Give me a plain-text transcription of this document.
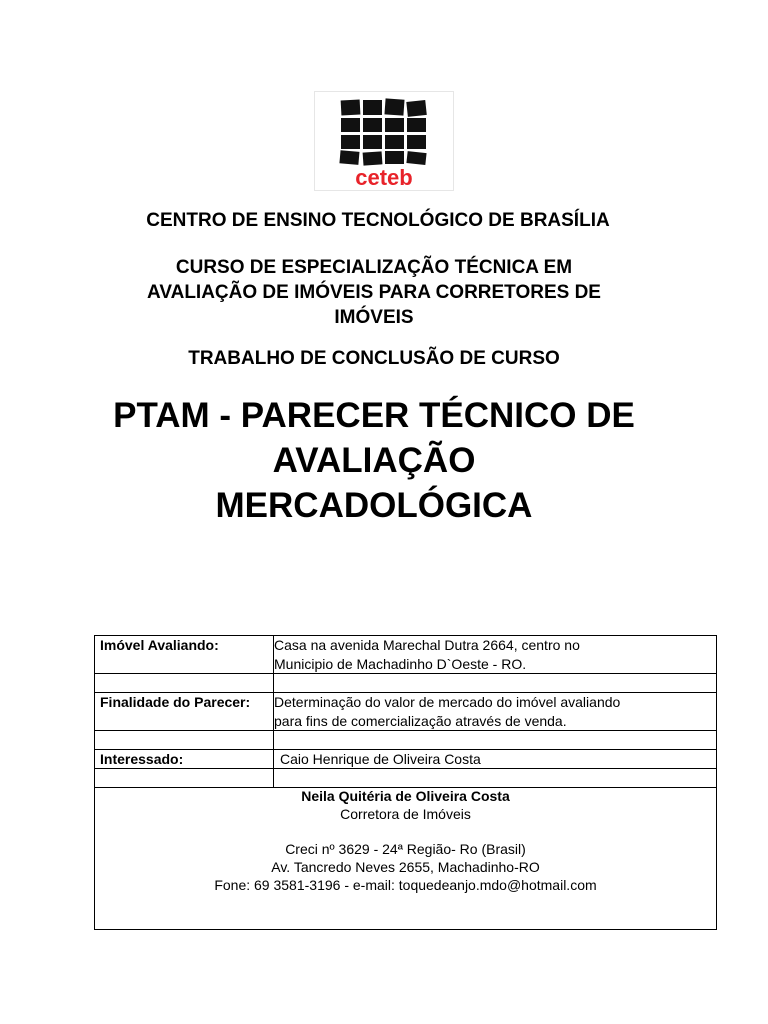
ceteb
CENTRO DE ENSINO TECNOLÓGICO DE BRASÍLIA
CURSO DE ESPECIALIZAÇÃO TÉCNICA EM
AVALIAÇÃO DE IMÓVEIS PARA CORRETORES DE
IMÓVEIS
TRABALHO DE CONCLUSÃO DE CURSO
PTAM - PARECER TÉCNICO DE
AVALIAÇÃO
MERCADOLÓGICA
Imóvel Avaliando:	Casa na avenida Marechal Dutra 2664, centro no
Municipio de Machadinho D`Oeste - RO.
Finalidade do Parecer:	Determinação do valor de mercado do imóvel avaliando
para fins de comercialização através de venda.
Interessado:	Caio Henrique de Oliveira Costa
Neila Quitéria de Oliveira Costa
Corretora de Imóveis
Creci nº 3629 - 24ª Região- Ro (Brasil)
Av. Tancredo Neves 2655, Machadinho-RO
Fone: 69 3581-3196 - e-mail: toquedeanjo.mdo@hotmail.com
